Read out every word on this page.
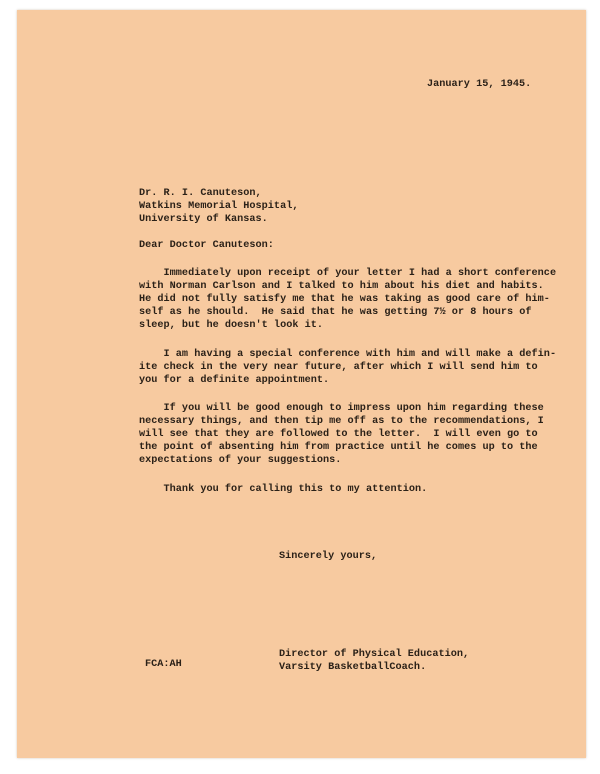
January 15, 1945.

Dr. R. I. Canuteson,

Watkins Memorial Hospital,

University of Kansas.

Dear Doctor Canuteson:

Immediately upon receipt of your letter I had a short conference
with Norman Carlson and I talked to him about his diet and habits.
He did not fully satisfy me that he was taking as good care of him-
self as he should.  He said that he was getting 7½ or 8 hours of
sleep, but he doesn't look it.

I am having a special conference with him and will make a defin-
ite check in the very near future, after which I will send him to
you for a definite appointment.

If you will be good enough to impress upon him regarding these
necessary things, and then tip me off as to the recommendations, I
will see that they are followed to the letter.  I will even go to
the point of absenting him from practice until he comes up to the
expectations of your suggestions.

Thank you for calling this to my attention.

Sincerely yours,

FCA:AH

Director of Physical Education,

Varsity BasketballCoach.
